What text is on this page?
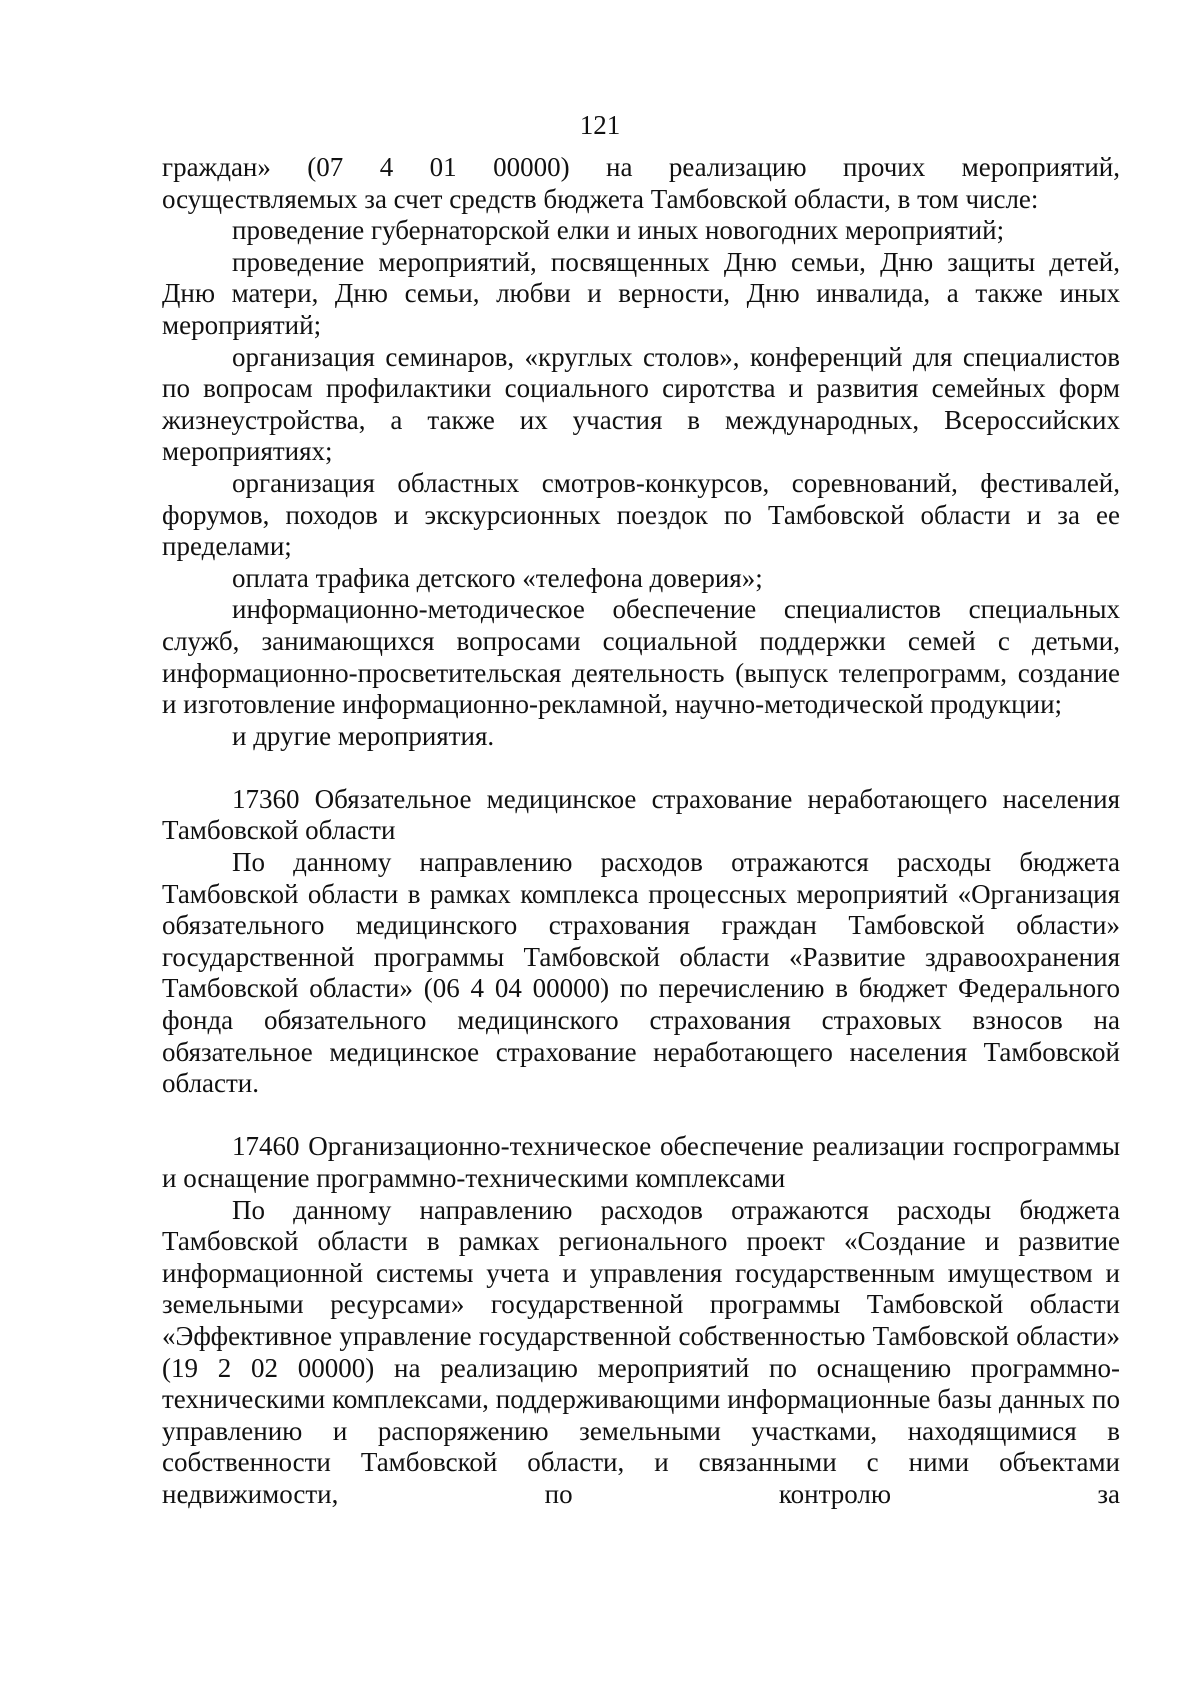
121

граждан» (07 4 01 00000) на реализацию прочих мероприятий,

осуществляемых за счет средств бюджета Тамбовской области, в том числе:

проведение губернаторской елки и иных новогодних мероприятий;

проведение мероприятий, посвященных Дню семьи, Дню защиты детей, Дню матери, Дню семьи, любви и верности, Дню инвалида, а также иных мероприятий;

организация семинаров, «круглых столов», конференций для специалистов по вопросам профилактики социального сиротства и развития семейных форм жизнеустройства, а также их участия в международных, Всероссийских мероприятиях;

организация областных смотров-конкурсов, соревнований, фестивалей, форумов, походов и экскурсионных поездок по Тамбовской области и за ее пределами;

оплата трафика детского «телефона доверия»;

информационно-методическое обеспечение специалистов специальных служб, занимающихся вопросами социальной поддержки семей с детьми, информационно-просветительская деятельность (выпуск телепрограмм, создание и изготовление информационно-рекламной, научно-методической продукции;

и другие мероприятия.

17360 Обязательное медицинское страхование неработающего населения Тамбовской области

По данному направлению расходов отражаются расходы бюджета Тамбовской области в рамках комплекса процессных мероприятий «Организация обязательного медицинского страхования граждан Тамбовской области» государственной программы Тамбовской области «Развитие здравоохранения Тамбовской области» (06 4 04 00000) по перечислению в бюджет Федерального фонда обязательного медицинского страхования страховых взносов на обязательное медицинское страхование неработающего населения Тамбовской области.

17460 Организационно-техническое обеспечение реализации госпрограммы и оснащение программно-техническими комплексами

По данному направлению расходов отражаются расходы бюджета Тамбовской области в рамках регионального проект «Создание и развитие информационной системы учета и управления государственным имуществом и земельными ресурсами» государственной программы Тамбовской области «Эффективное управление государственной собственностью Тамбовской области» (19 2 02 00000) на реализацию мероприятий по оснащению программно-техническими комплексами, поддерживающими информационные базы данных по управлению и распоряжению земельными участками, находящимися в собственности Тамбовской области, и связанными с ними объектами недвижимости, по контролю за
